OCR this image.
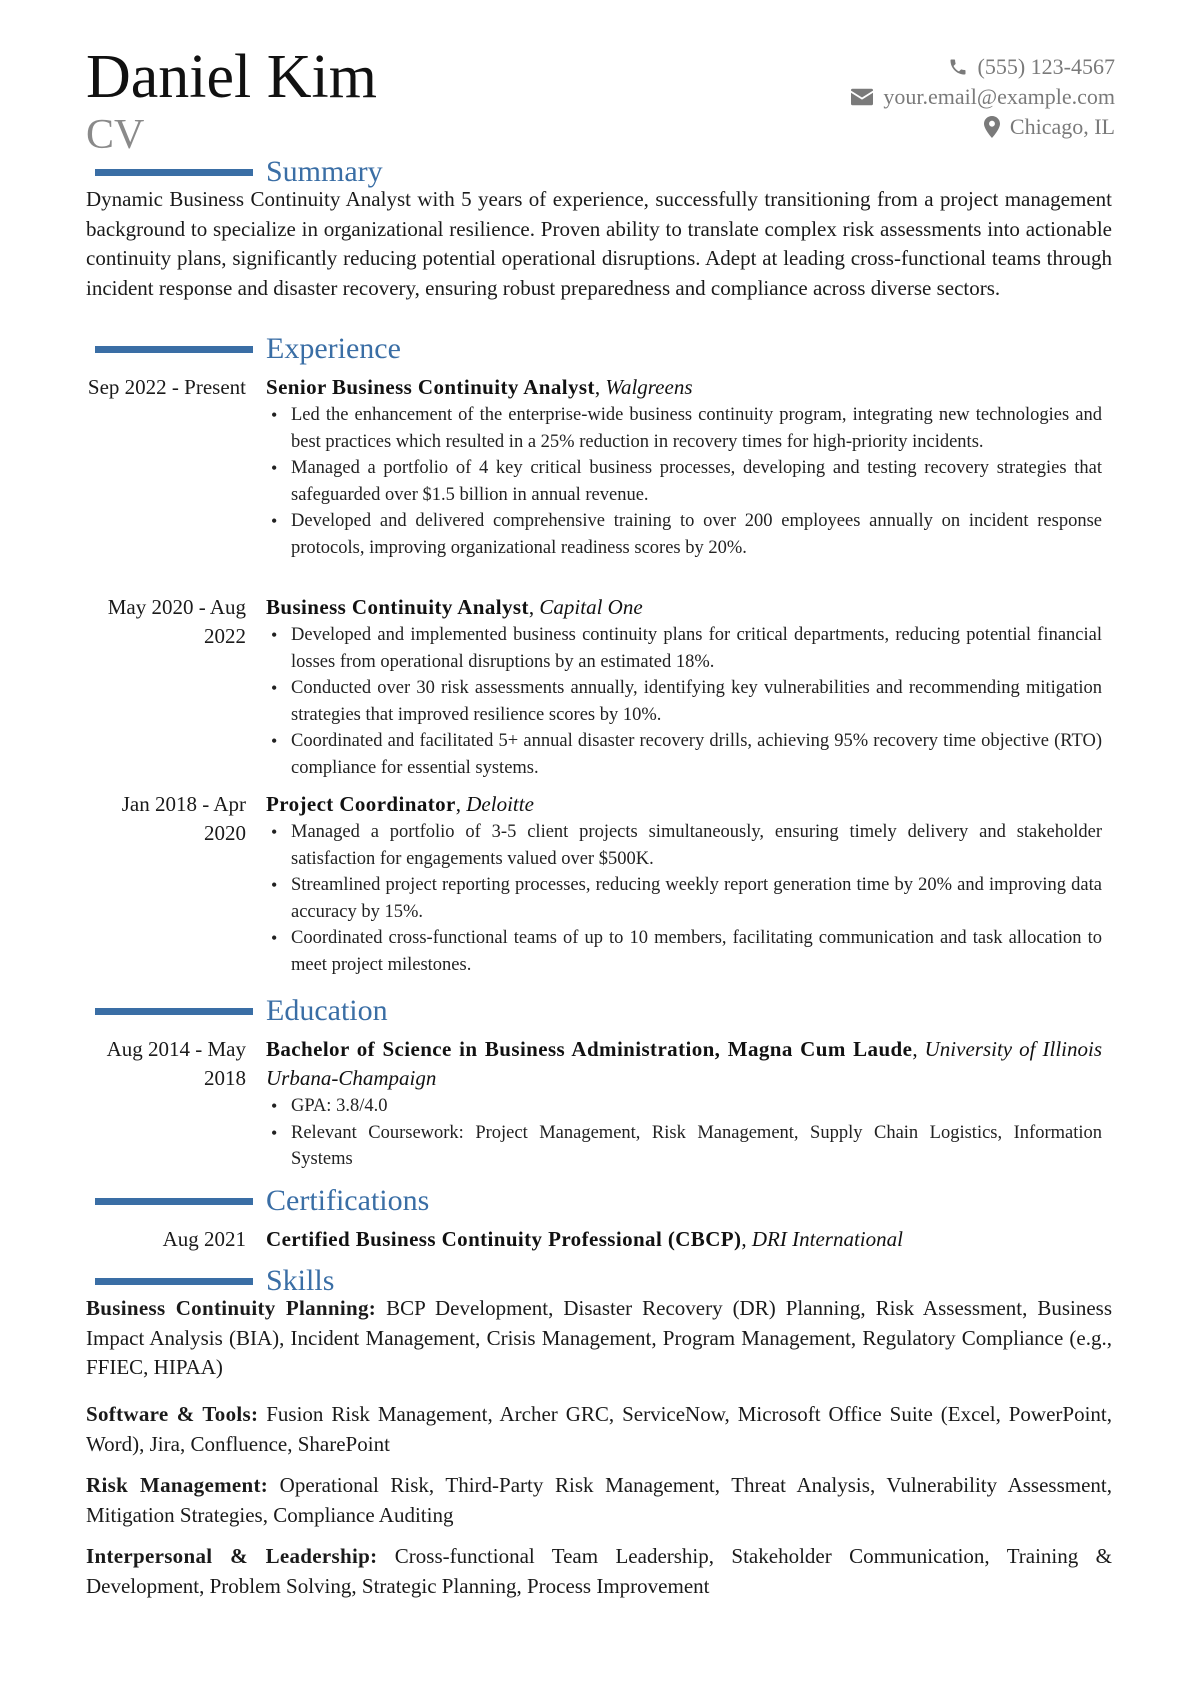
Daniel Kim
CV
(555) 123-4567
your.email@example.com
Chicago, IL
Summary
Dynamic Business Continuity Analyst with 5 years of experience, successfully transitioning from a project management background to specialize in organizational resilience. Proven ability to translate complex risk assessments into actionable continuity plans, significantly reducing potential operational disruptions. Adept at leading cross-functional teams through incident response and disaster recovery, ensuring robust preparedness and compliance across diverse sectors.
Experience
Sep 2022 - Present Senior Business Continuity Analyst, Walgreens
• Led the enhancement of the enterprise-wide business continuity program, integrating new technologies and best practices which resulted in a 25% reduction in recovery times for high-priority incidents.
• Managed a portfolio of 4 key critical business processes, developing and testing recovery strategies that safeguarded over $1.5 billion in annual revenue.
• Developed and delivered comprehensive training to over 200 employees annually on incident response protocols, improving organizational readiness scores by 20%.
May 2020 - Aug 2022
Business Continuity Analyst, Capital One
• Developed and implemented business continuity plans for critical departments, reducing potential financial losses from operational disruptions by an estimated 18%.
• Conducted over 30 risk assessments annually, identifying key vulnerabilities and recommending mitigation strategies that improved resilience scores by 10%.
• Coordinated and facilitated 5+ annual disaster recovery drills, achieving 95% recovery time objective (RTO) compliance for essential systems.
Jan 2018 - Apr 2020
Project Coordinator, Deloitte
• Managed a portfolio of 3-5 client projects simultaneously, ensuring timely delivery and stakeholder satisfaction for engagements valued over $500K.
• Streamlined project reporting processes, reducing weekly report generation time by 20% and improving data accuracy by 15%.
• Coordinated cross-functional teams of up to 10 members, facilitating communication and task allocation to meet project milestones.
Education
Aug 2014 - May 2018
Bachelor of Science in Business Administration, Magna Cum Laude, University of Illinois Urbana-Champaign
• GPA: 3.8/4.0
• Relevant Coursework: Project Management, Risk Management, Supply Chain Logistics, Information Systems
Certifications
Aug 2021 Certified Business Continuity Professional (CBCP), DRI International
Skills
Business Continuity Planning: BCP Development, Disaster Recovery (DR) Planning, Risk Assessment, Business Impact Analysis (BIA), Incident Management, Crisis Management, Program Management, Regulatory Compliance (e.g., FFIEC, HIPAA)
Software & Tools: Fusion Risk Management, Archer GRC, ServiceNow, Microsoft Office Suite (Excel, PowerPoint, Word), Jira, Confluence, SharePoint
Risk Management: Operational Risk, Third-Party Risk Management, Threat Analysis, Vulnerability Assessment, Mitigation Strategies, Compliance Auditing
Interpersonal & Leadership: Cross-functional Team Leadership, Stakeholder Communication, Training & Development, Problem Solving, Strategic Planning, Process Improvement
